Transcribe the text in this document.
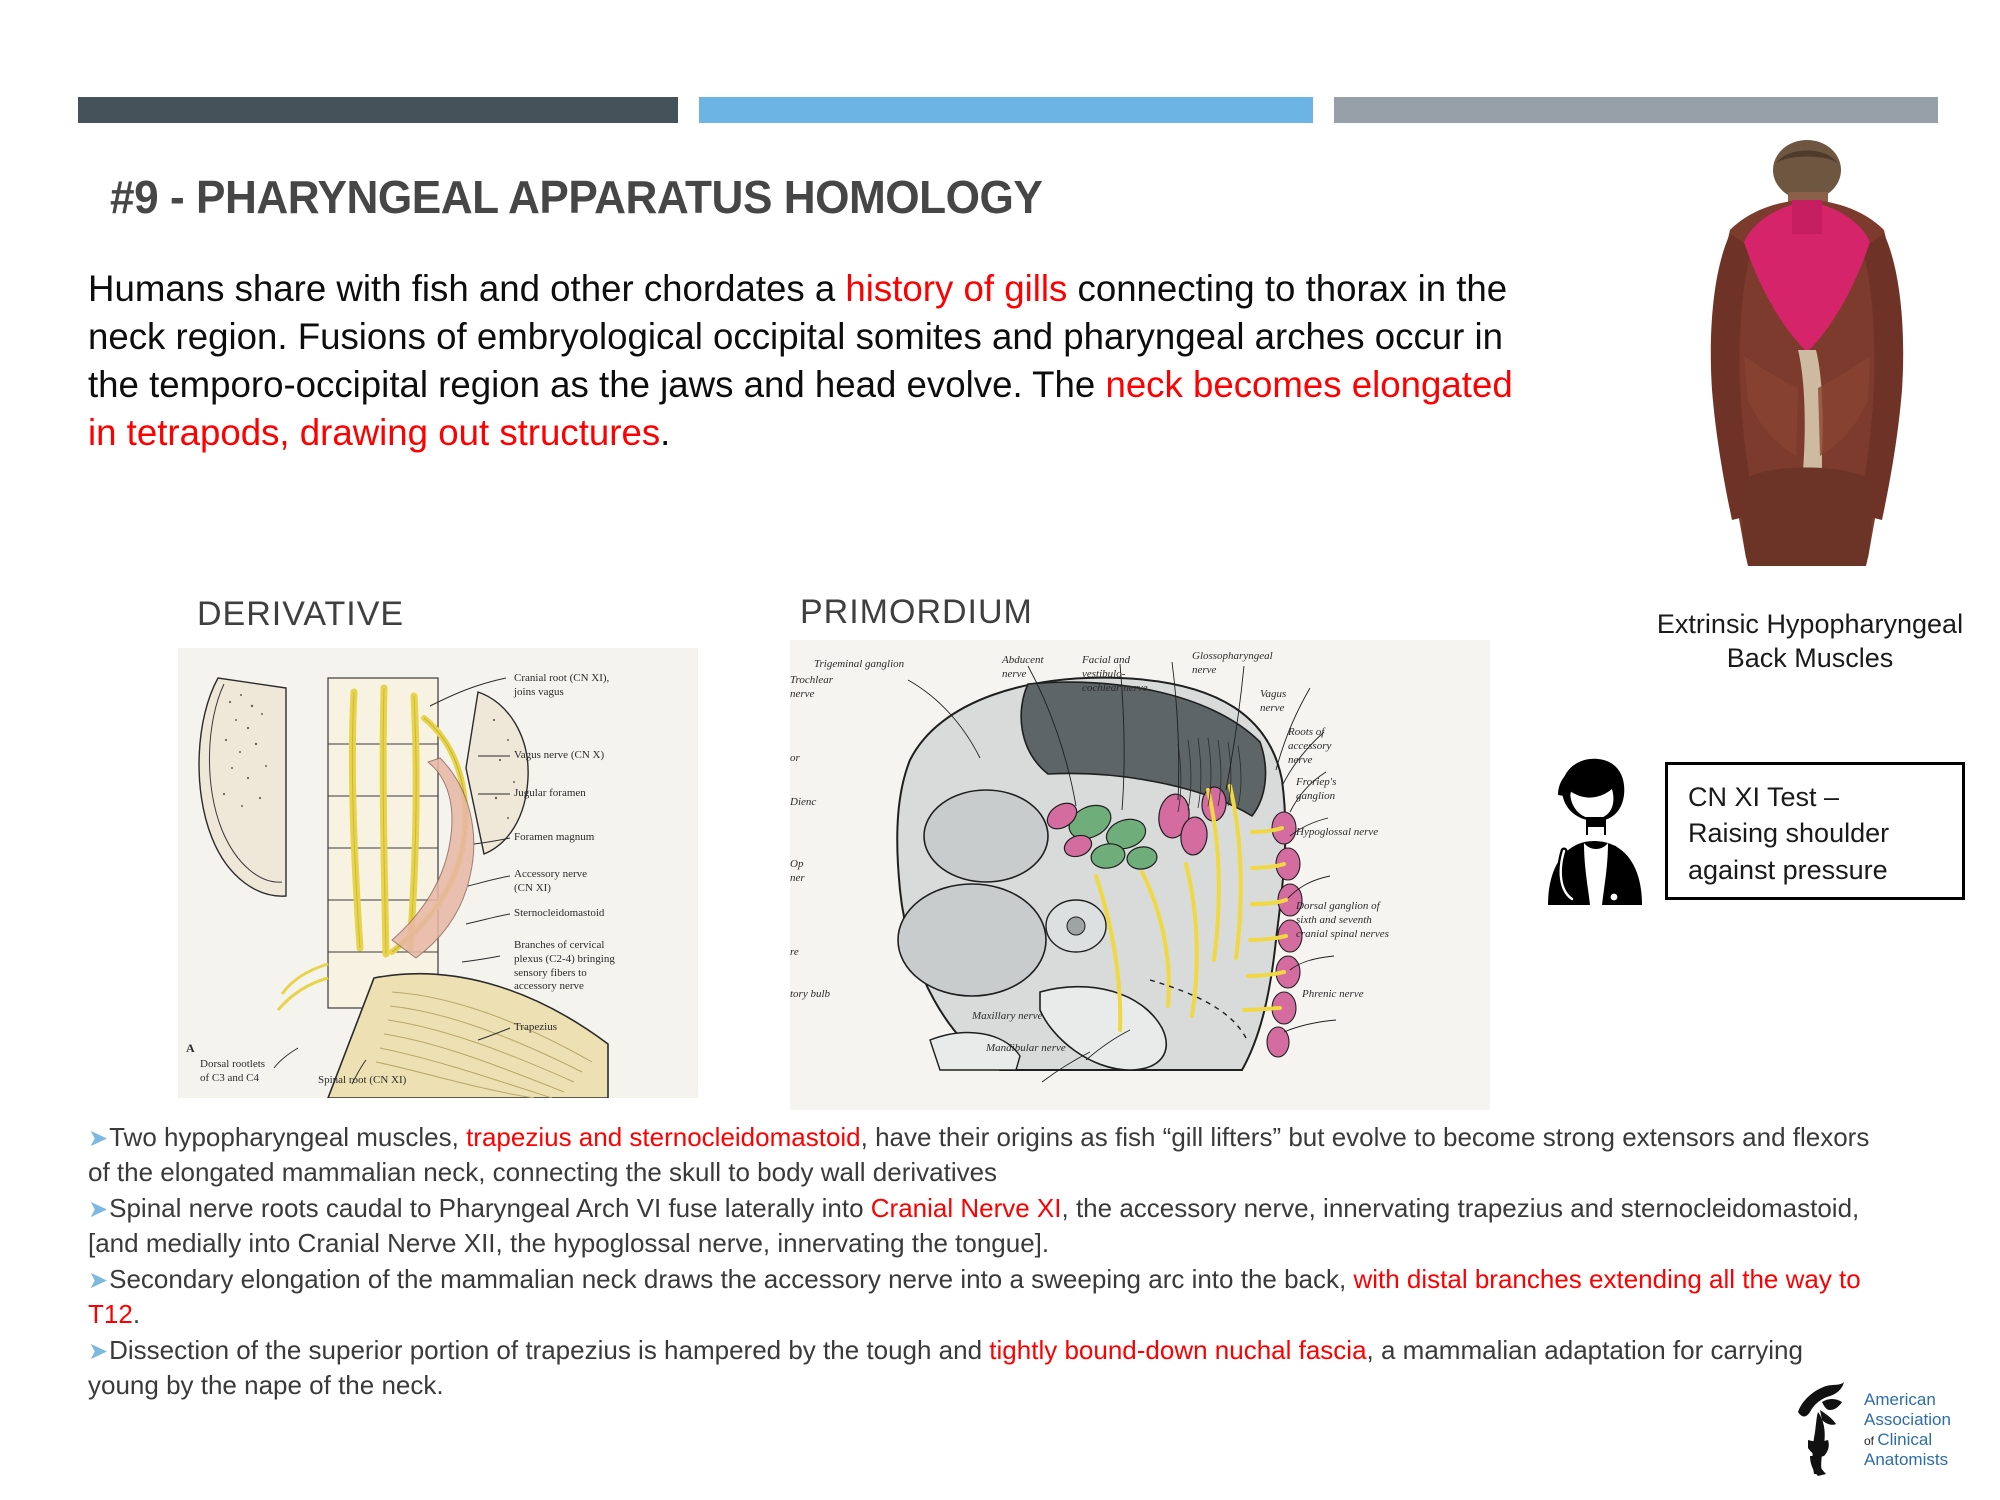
#9 - PHARYNGEAL APPARATUS HOMOLOGY
Humans share with fish and other chordates a history of gills connecting to thorax in the neck region. Fusions of embryological occipital somites and pharyngeal arches occur in the temporo-occipital region as the jaws and head evolve. The neck becomes elongated in tetrapods, drawing out structures.
DERIVATIVE	PRIMORDIUM
A
Cranial root (CN XI),
joins vagus
Vagus nerve (CN X)
Jugular foramen
Foramen magnum
Accessory nerve
(CN XI)
Sternocleidomastoid
Branches of cervical
plexus (C2-4) bringing
sensory fibers to
accessory nerve
Trapezius
Dorsal rootlets
of C3 and C4	Spinal root (CN XI)
Trigeminal ganglion	Abducent
nerve
Facial and
vestibulo-
cochlear nerve
Glossopharyngeal
nerve
Trochlear
nerve	Vagus
nerve
Roots of
accessory
nerve
Froriep's
ganglion
Hypoglossal nerve
Dorsal ganglion of
sixth and seventh
cranial spinal nerves
Phrenic nerve
Maxillary nerve
Mandibular nerve
Dienc
Op
ner
or
re
tory bulb
Extrinsic Hypopharyngeal
Back Muscles
CN XI Test –
Raising shoulder
against pressure

➤Two hypopharyngeal muscles, trapezius and sternocleidomastoid, have their origins as fish “gill lifters” but evolve to become strong extensors and flexors of the elongated mammalian neck, connecting the skull to body wall derivatives

➤Spinal nerve roots caudal to Pharyngeal Arch VI fuse laterally into Cranial Nerve XI, the accessory nerve, innervating trapezius and sternocleidomastoid, [and medially into Cranial Nerve XII, the hypoglossal nerve, innervating the tongue].

➤Secondary elongation of the mammalian neck draws the accessory nerve into a sweeping arc into the back, with distal branches extending all the way to T12.

➤Dissection of the superior portion of trapezius is hampered by the tough and tightly bound-down nuchal fascia, a mammalian adaptation for carrying young by the nape of the neck.	American
Association
of Clinical
Anatomists
